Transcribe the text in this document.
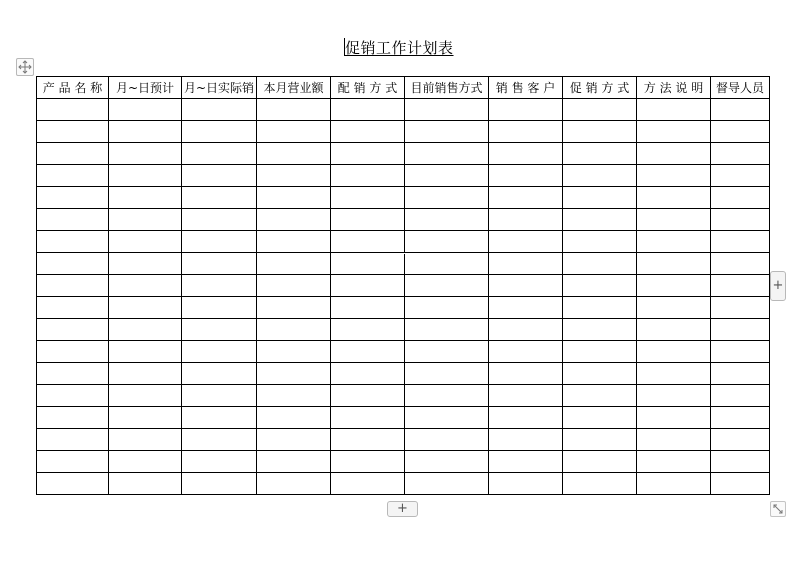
促销工作计划表
产 品 名 称	月~日预计	月~日实际销	本月营业额	配 销 方 式	目前销售方式	销 售 客 户	促 销 方 式	方 法 说 明	督导人员

+
+
